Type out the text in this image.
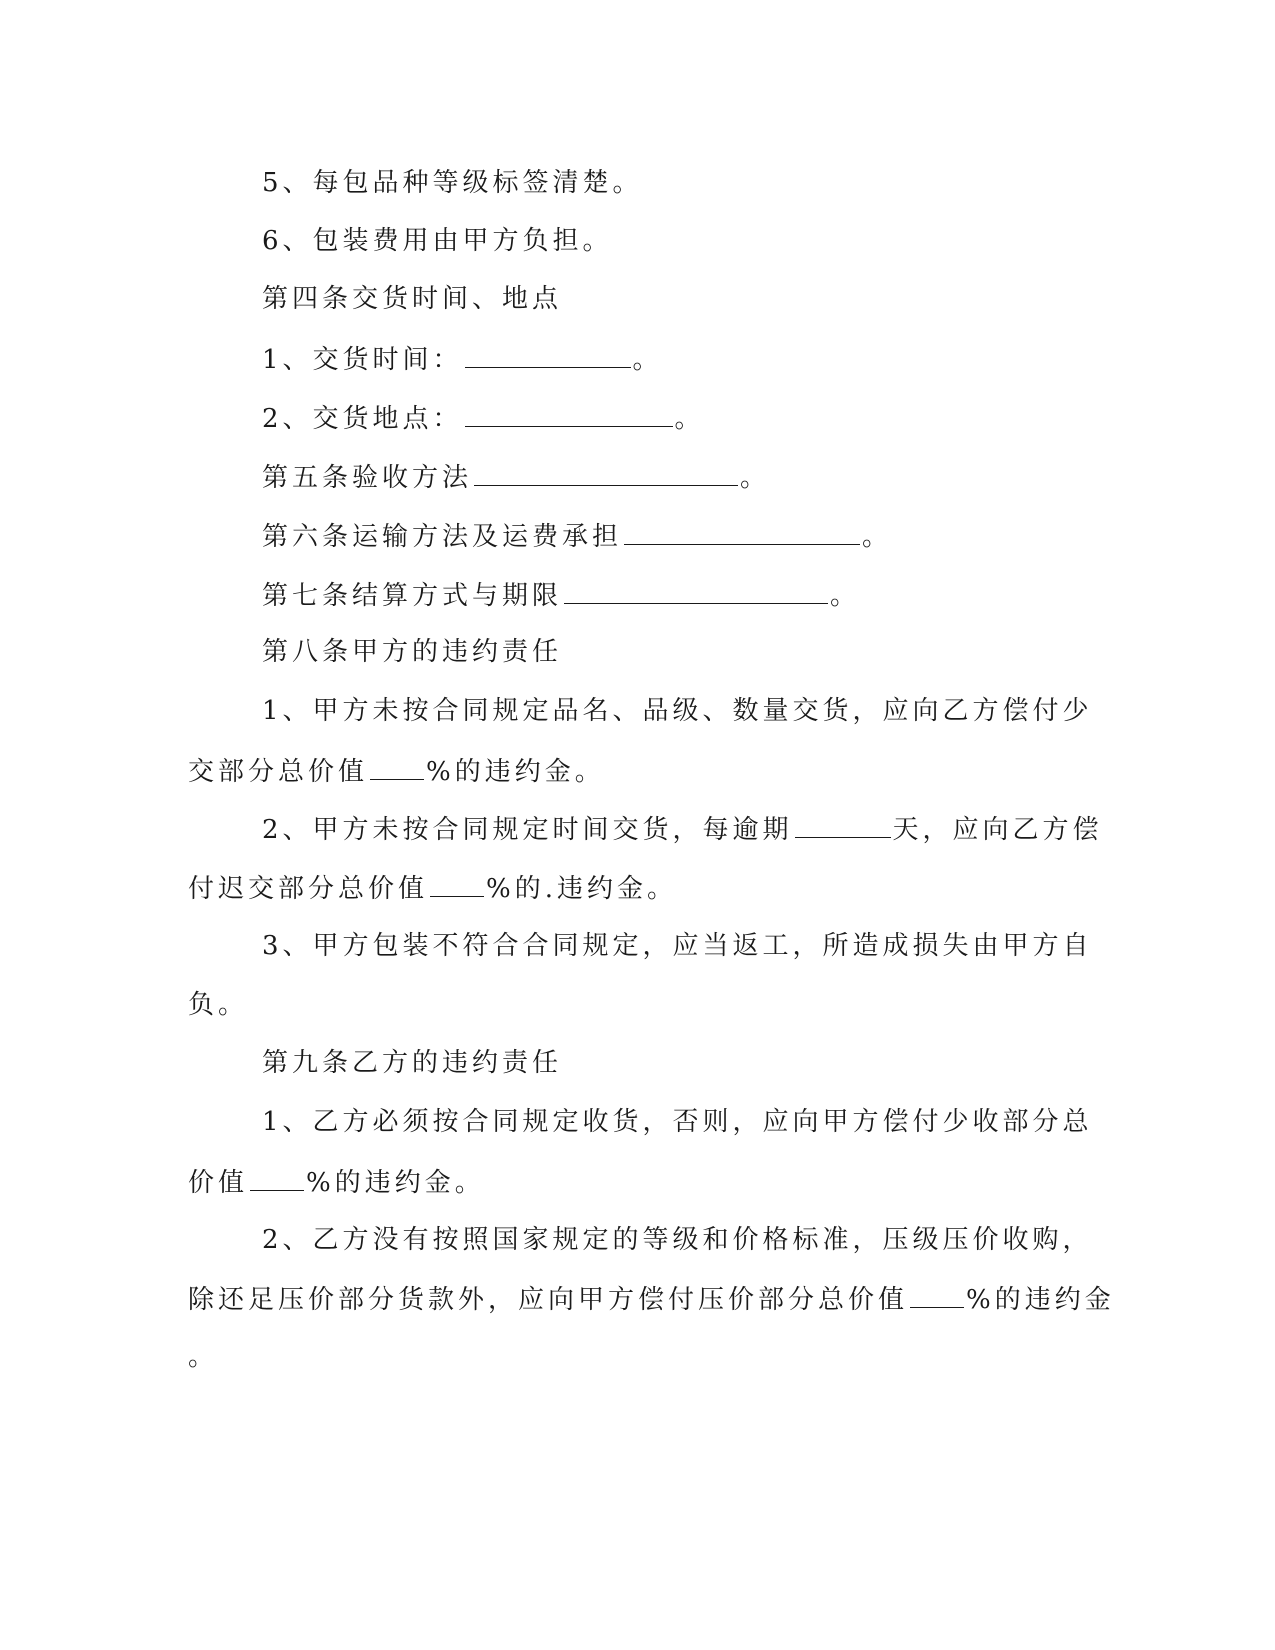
5、每包品种等级标签清楚。
6、包装费用由甲方负担。
第四条交货时间、地点
1、交货时间：	。
2、交货地点：	。
第五条验收方法	。
第六条运输方法及运费承担	。
第七条结算方式与期限	。
第八条甲方的违约责任
1、甲方未按合同规定品名、品级、数量交货，应向乙方偿付少
交部分总价值 %的违约金。
2、甲方未按合同规定时间交货，每逾期	天，应向乙方偿
付迟交部分总价值 %的.违约金。
3、甲方包装不符合合同规定，应当返工，所造成损失由甲方自
负。
第九条乙方的违约责任
1、乙方必须按合同规定收货，否则，应向甲方偿付少收部分总
价值 %的违约金。
2、乙方没有按照国家规定的等级和价格标准，压级压价收购，
除还足压价部分货款外，应向甲方偿付压价部分总价值 %的违约金
。
